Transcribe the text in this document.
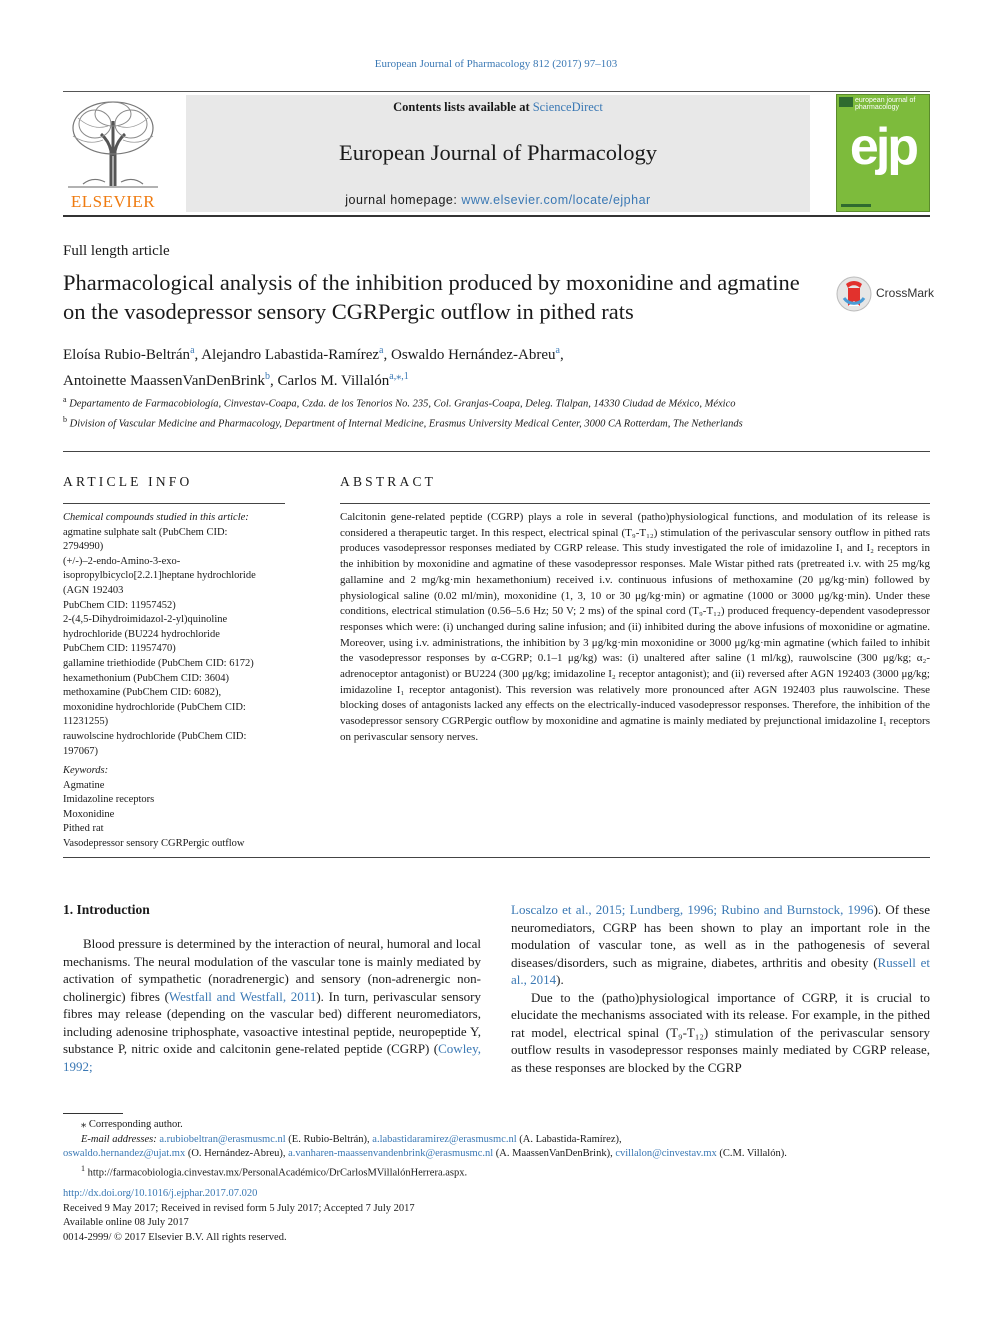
European Journal of Pharmacology 812 (2017) 97–103
ELSEVIER
Contents lists available at ScienceDirect
European Journal of Pharmacology
journal homepage: www.elsevier.com/locate/ejphar
european journal of pharmacology
ejp
Full length article
Pharmacological analysis of the inhibition produced by moxonidine and agmatine on the vasodepressor sensory CGRPergic outflow in pithed rats
CrossMark
Eloísa Rubio-Beltrán$^a$, Alejandro Labastida-Ramírez$^a$, Oswaldo Hernández-Abreu$^a$,
Antoinette MaassenVanDenBrink$^b$, Carlos M. Villalón$^{a,⁎,1}$
$^a$ Departamento de Farmacobiología, Cinvestav-Coapa, Czda. de los Tenorios No. 235, Col. Granjas-Coapa, Deleg. Tlalpan, 14330 Ciudad de México, México
$^b$ Division of Vascular Medicine and Pharmacology, Department of Internal Medicine, Erasmus University Medical Center, 3000 CA Rotterdam, The Netherlands
ARTICLE INFO
Chemical compounds studied in this article:
agmatine sulphate salt (PubChem CID:
2794990)
(+/-)–2-endo-Amino-3-exo-
isopropylbicyclo[2.2.1]heptane hydrochloride
(AGN 192403
PubChem CID: 11957452)
2-(4,5-Dihydroimidazol-2-yl)quinoline
hydrochloride (BU224 hydrochloride
PubChem CID: 11957470)
gallamine triethiodide (PubChem CID: 6172)
hexamethonium (PubChem CID: 3604)
methoxamine (PubChem CID: 6082),
moxonidine hydrochloride (PubChem CID:
11231255)
rauwolscine hydrochloride (PubChem CID:
197067)
Keywords:
Agmatine
Imidazoline receptors
Moxonidine
Pithed rat
Vasodepressor sensory CGRPergic outflow
ABSTRACT
Calcitonin gene-related peptide (CGRP) plays a role in several (patho)physiological functions, and modulation of its release is considered a therapeutic target. In this respect, electrical spinal (T₉-T₁₂) stimulation of the perivascular sensory outflow in pithed rats produces vasodepressor responses mediated by CGRP release. This study investigated the role of imidazoline I₁ and I₂ receptors in the inhibition by moxonidine and agmatine of these vasodepressor responses. Male Wistar pithed rats (pretreated i.v. with 25 mg/kg gallamine and 2 mg/kg·min hexamethonium) received i.v. continuous infusions of methoxamine (20 μg/kg·min) followed by physiological saline (0.02 ml/min), moxonidine (1, 3, 10 or 30 μg/kg·min) or agmatine (1000 or 3000 μg/kg·min). Under these conditions, electrical stimulation (0.56–5.6 Hz; 50 V; 2 ms) of the spinal cord (T₉-T₁₂) produced frequency-dependent vasodepressor responses which were: (i) unchanged during saline infusion; and (ii) inhibited during the above infusions of moxonidine or agmatine. Moreover, using i.v. administrations, the inhibition by 3 μg/kg·min moxonidine or 3000 μg/kg·min agmatine (which failed to inhibit the vasodepressor responses by α-CGRP; 0.1–1 μg/kg) was: (i) unaltered after saline (1 ml/kg), rauwolscine (300 μg/kg; α₂-adrenoceptor antagonist) or BU224 (300 μg/kg; imidazoline I₂ receptor antagonist); and (ii) reversed after AGN 192403 (3000 μg/kg; imidazoline I₁ receptor antagonist). This reversion was relatively more pronounced after AGN 192403 plus rauwolscine. These blocking doses of antagonists lacked any effects on the electrically-induced vasodepressor responses. Therefore, the inhibition of the vasodepressor sensory CGRPergic outflow by moxonidine and agmatine is mainly mediated by prejunctional imidazoline I₁ receptors on perivascular sensory nerves.
1. Introduction

Blood pressure is determined by the interaction of neural, humoral and local mechanisms. The neural modulation of the vascular tone is mainly mediated by activation of sympathetic (noradrenergic) and sensory (non-adrenergic non-cholinergic) fibres (Westfall and Westfall, 2011). In turn, perivascular sensory fibres may release (depending on the vascular bed) different neuromediators, including adenosine triphosphate, vasoactive intestinal peptide, neuropeptide Y, substance P, nitric oxide and calcitonin gene-related peptide (CGRP) (Cowley, 1992;

Loscalzo et al., 2015; Lundberg, 1996; Rubino and Burnstock, 1996). Of these neuromediators, CGRP has been shown to play an important role in the modulation of vascular tone, as well as in the pathogenesis of several diseases/disorders, such as migraine, diabetes, arthritis and obesity (Russell et al., 2014).

Due to the (patho)physiological importance of CGRP, it is crucial to elucidate the mechanisms associated with its release. For example, in the pithed rat model, electrical spinal (T₉-T₁₂) stimulation of the perivascular sensory outflow results in vasodepressor responses mainly mediated by CGRP release, as these responses are blocked by the CGRP

⁎ Corresponding author.
E-mail addresses: a.rubiobeltran@erasmusmc.nl (E. Rubio-Beltrán), a.labastidaramirez@erasmusmc.nl (A. Labastida-Ramírez),
oswaldo.hernandez@ujat.mx (O. Hernández-Abreu), a.vanharen-maassenvandenbrink@erasmusmc.nl (A. MaassenVanDenBrink), cvillalon@cinvestav.mx (C.M. Villalón).
$^1$ http://farmacobiologia.cinvestav.mx/PersonalAcadémico/DrCarlosMVillalónHerrera.aspx.
http://dx.doi.org/10.1016/j.ejphar.2017.07.020
Received 9 May 2017; Received in revised form 5 July 2017; Accepted 7 July 2017
Available online 08 July 2017
0014-2999/ © 2017 Elsevier B.V. All rights reserved.
